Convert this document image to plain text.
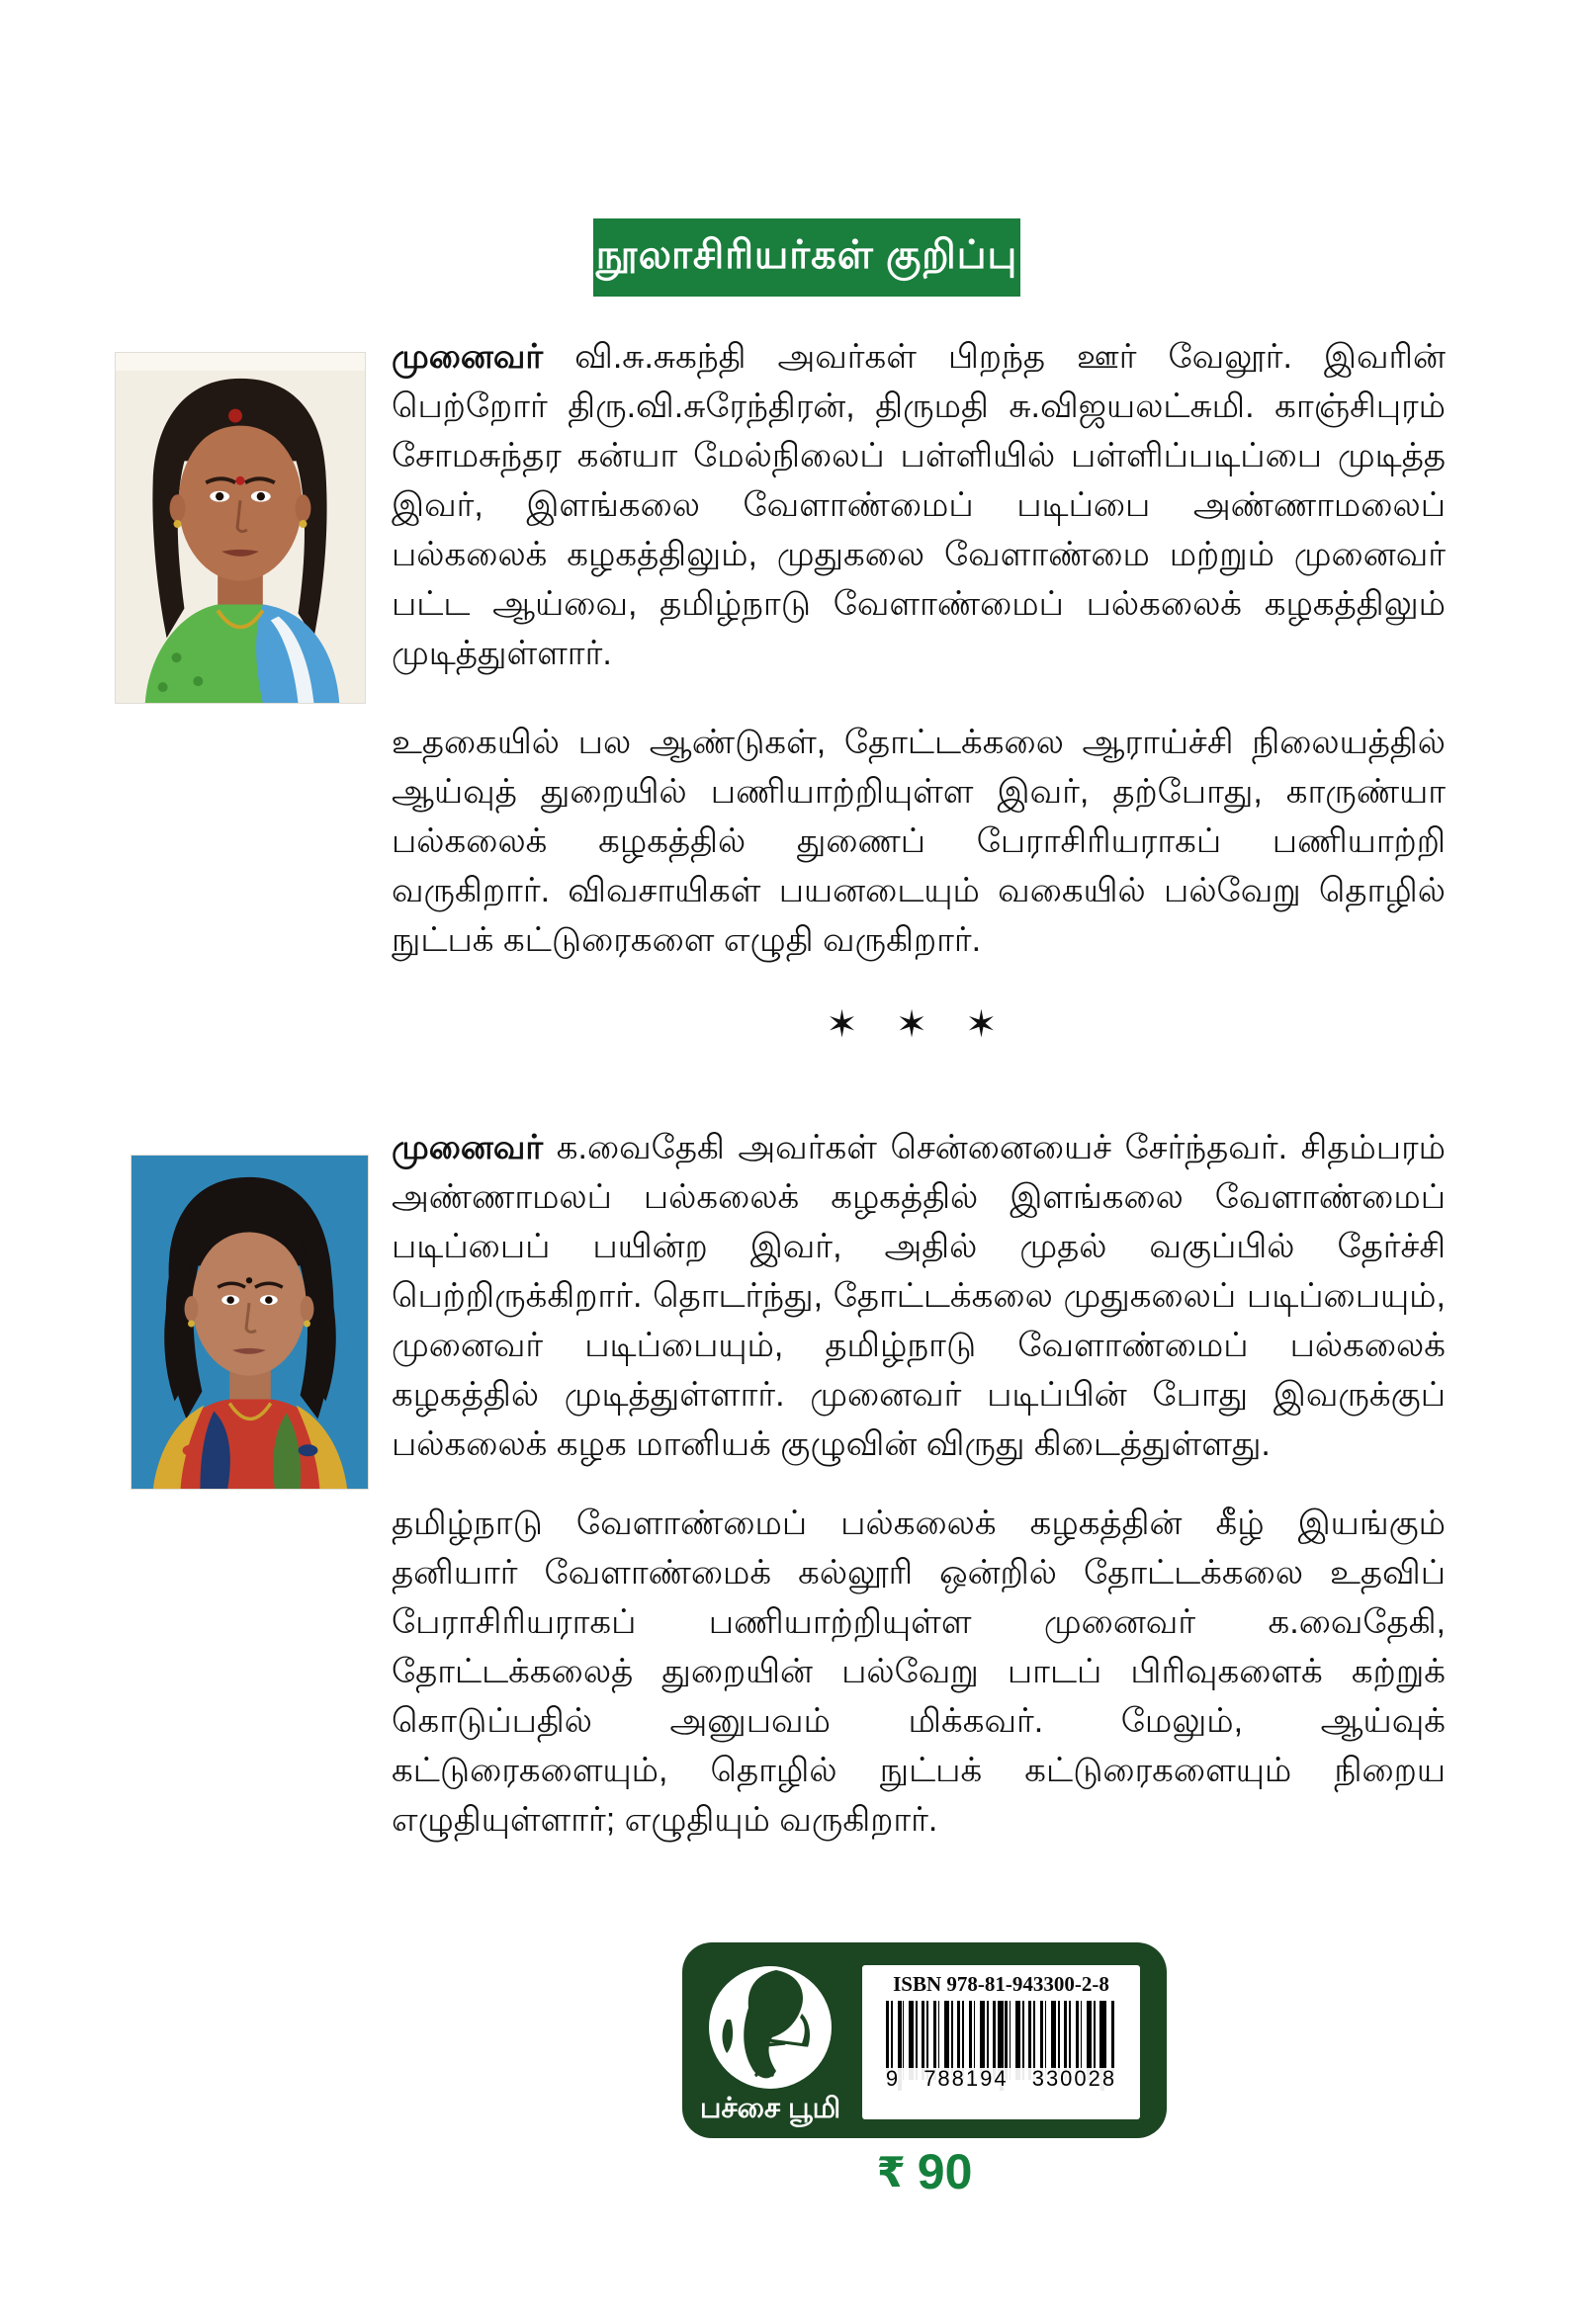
நூலாசிரியர்கள் குறிப்பு

முனைவர் வி.சு.சுகந்தி அவர்கள் பிறந்த ஊர் வேலூர். இவரின் பெற்றோர் திரு.வி.சுரேந்திரன், திருமதி சு.விஜயலட்சுமி. காஞ்சிபுரம் சோமசுந்தர கன்யா மேல்நிலைப் பள்ளியில் பள்ளிப்படிப்பை முடித்த இவர், இளங்கலை வேளாண்மைப் படிப்பை அண்ணாமலைப் பல்கலைக் கழகத்திலும், முதுகலை வேளாண்மை மற்றும் முனைவர் பட்ட ஆய்வை, தமிழ்நாடு வேளாண்மைப் பல்கலைக் கழகத்திலும் முடித்துள்ளார்.

உதகையில் பல ஆண்டுகள், தோட்டக்கலை ஆராய்ச்சி நிலையத்தில் ஆய்வுத் துறையில் பணியாற்றியுள்ள இவர், தற்போது, காருண்யா பல்கலைக் கழகத்தில் துணைப் பேராசிரியராகப் பணியாற்றி வருகிறார். விவசாயிகள் பயனடையும் வகையில் பல்வேறு தொழில் நுட்பக் கட்டுரைகளை எழுதி வருகிறார்.

✶ ✶ ✶

முனைவர் க.வைதேகி அவர்கள் சென்னையைச் சேர்ந்தவர். சிதம்பரம் அண்ணாமலப் பல்கலைக் கழகத்தில் இளங்கலை வேளாண்மைப் படிப்பைப் பயின்ற இவர், அதில் முதல் வகுப்பில் தேர்ச்சி பெற்றிருக்கிறார். தொடர்ந்து, தோட்டக்கலை முதுகலைப் படிப்பையும், முனைவர் படிப்பையும், தமிழ்நாடு வேளாண்மைப் பல்கலைக் கழகத்தில் முடித்துள்ளார். முனைவர் படிப்பின் போது இவருக்குப் பல்கலைக் கழக மானியக் குழுவின் விருது கிடைத்துள்ளது.

தமிழ்நாடு வேளாண்மைப் பல்கலைக் கழகத்தின் கீழ் இயங்கும் தனியார் வேளாண்மைக் கல்லூரி ஒன்றில் தோட்டக்கலை உதவிப் பேராசிரியராகப் பணியாற்றியுள்ள முனைவர் க.வைதேகி, தோட்டக்கலைத் துறையின் பல்வேறு பாடப் பிரிவுகளைக் கற்றுக் கொடுப்பதில் அனுபவம் மிக்கவர். மேலும், ஆய்வுக் கட்டுரைகளையும், தொழில் நுட்பக் கட்டுரைகளையும் நிறைய எழுதியுள்ளார்; எழுதியும் வருகிறார்.

பச்சை பூமி
ISBN 978-81-943300-2-8
9 788194 330028
₹ 90
